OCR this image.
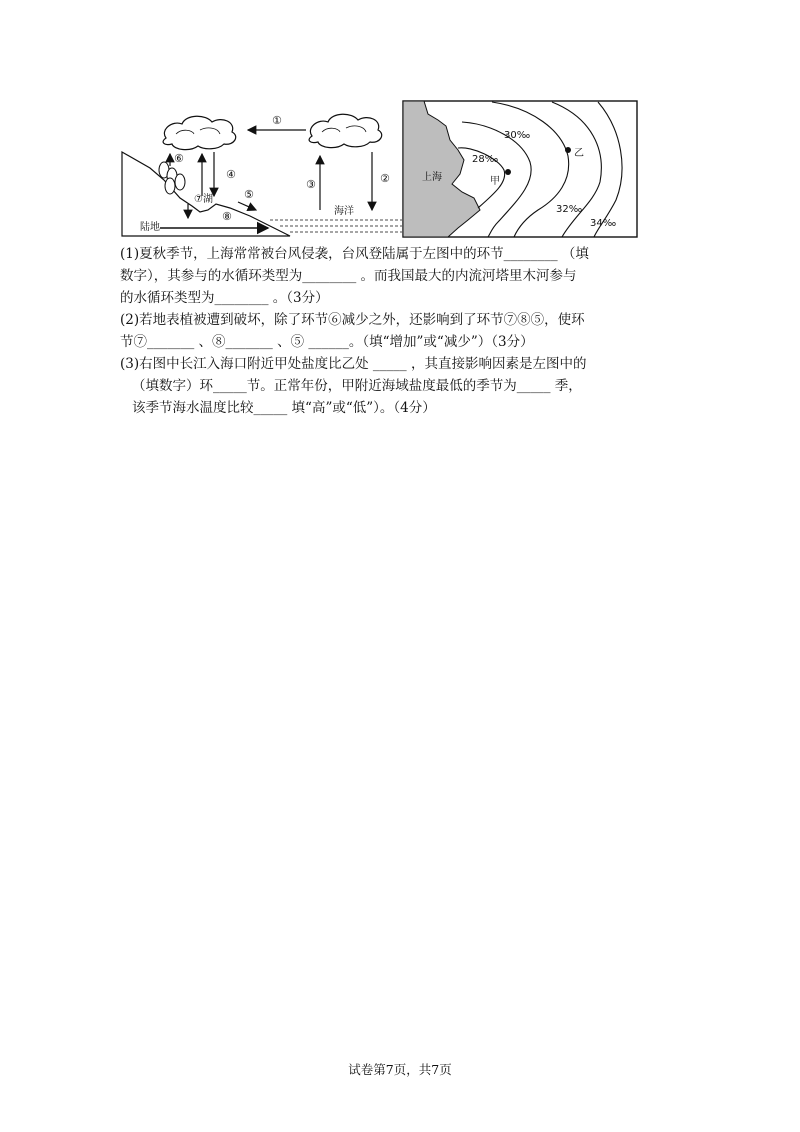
①
⑥
④
⑦湖	⑤
⑧
陆地
海洋
③	②	上海
28‰
30‰
32‰
34‰
甲
乙

(1)夏秋季节，上海常常被台风侵袭，台风登陆属于左图中的环节________ （填

数字），其参与的水循环类型为________ 。而我国最大的内流河塔里木河参与

的水循环类型为________ 。（3分）

(2)若地表植被遭到破坏，除了环节⑥减少之外，还影响到了环节⑦⑧⑤，使环

节⑦_______ 、⑧_______ 、⑤ ______。（填“增加”或“减少”）（3分）

(3)右图中长江入海口附近甲处盐度比乙处 _____ ，其直接影响因素是左图中的

（填数字）环_____节。正常年份，甲附近海域盐度最低的季节为_____ 季，

该季节海水温度比较_____ 填“高”或“低”）。（4分）

试卷第7页，共7页
